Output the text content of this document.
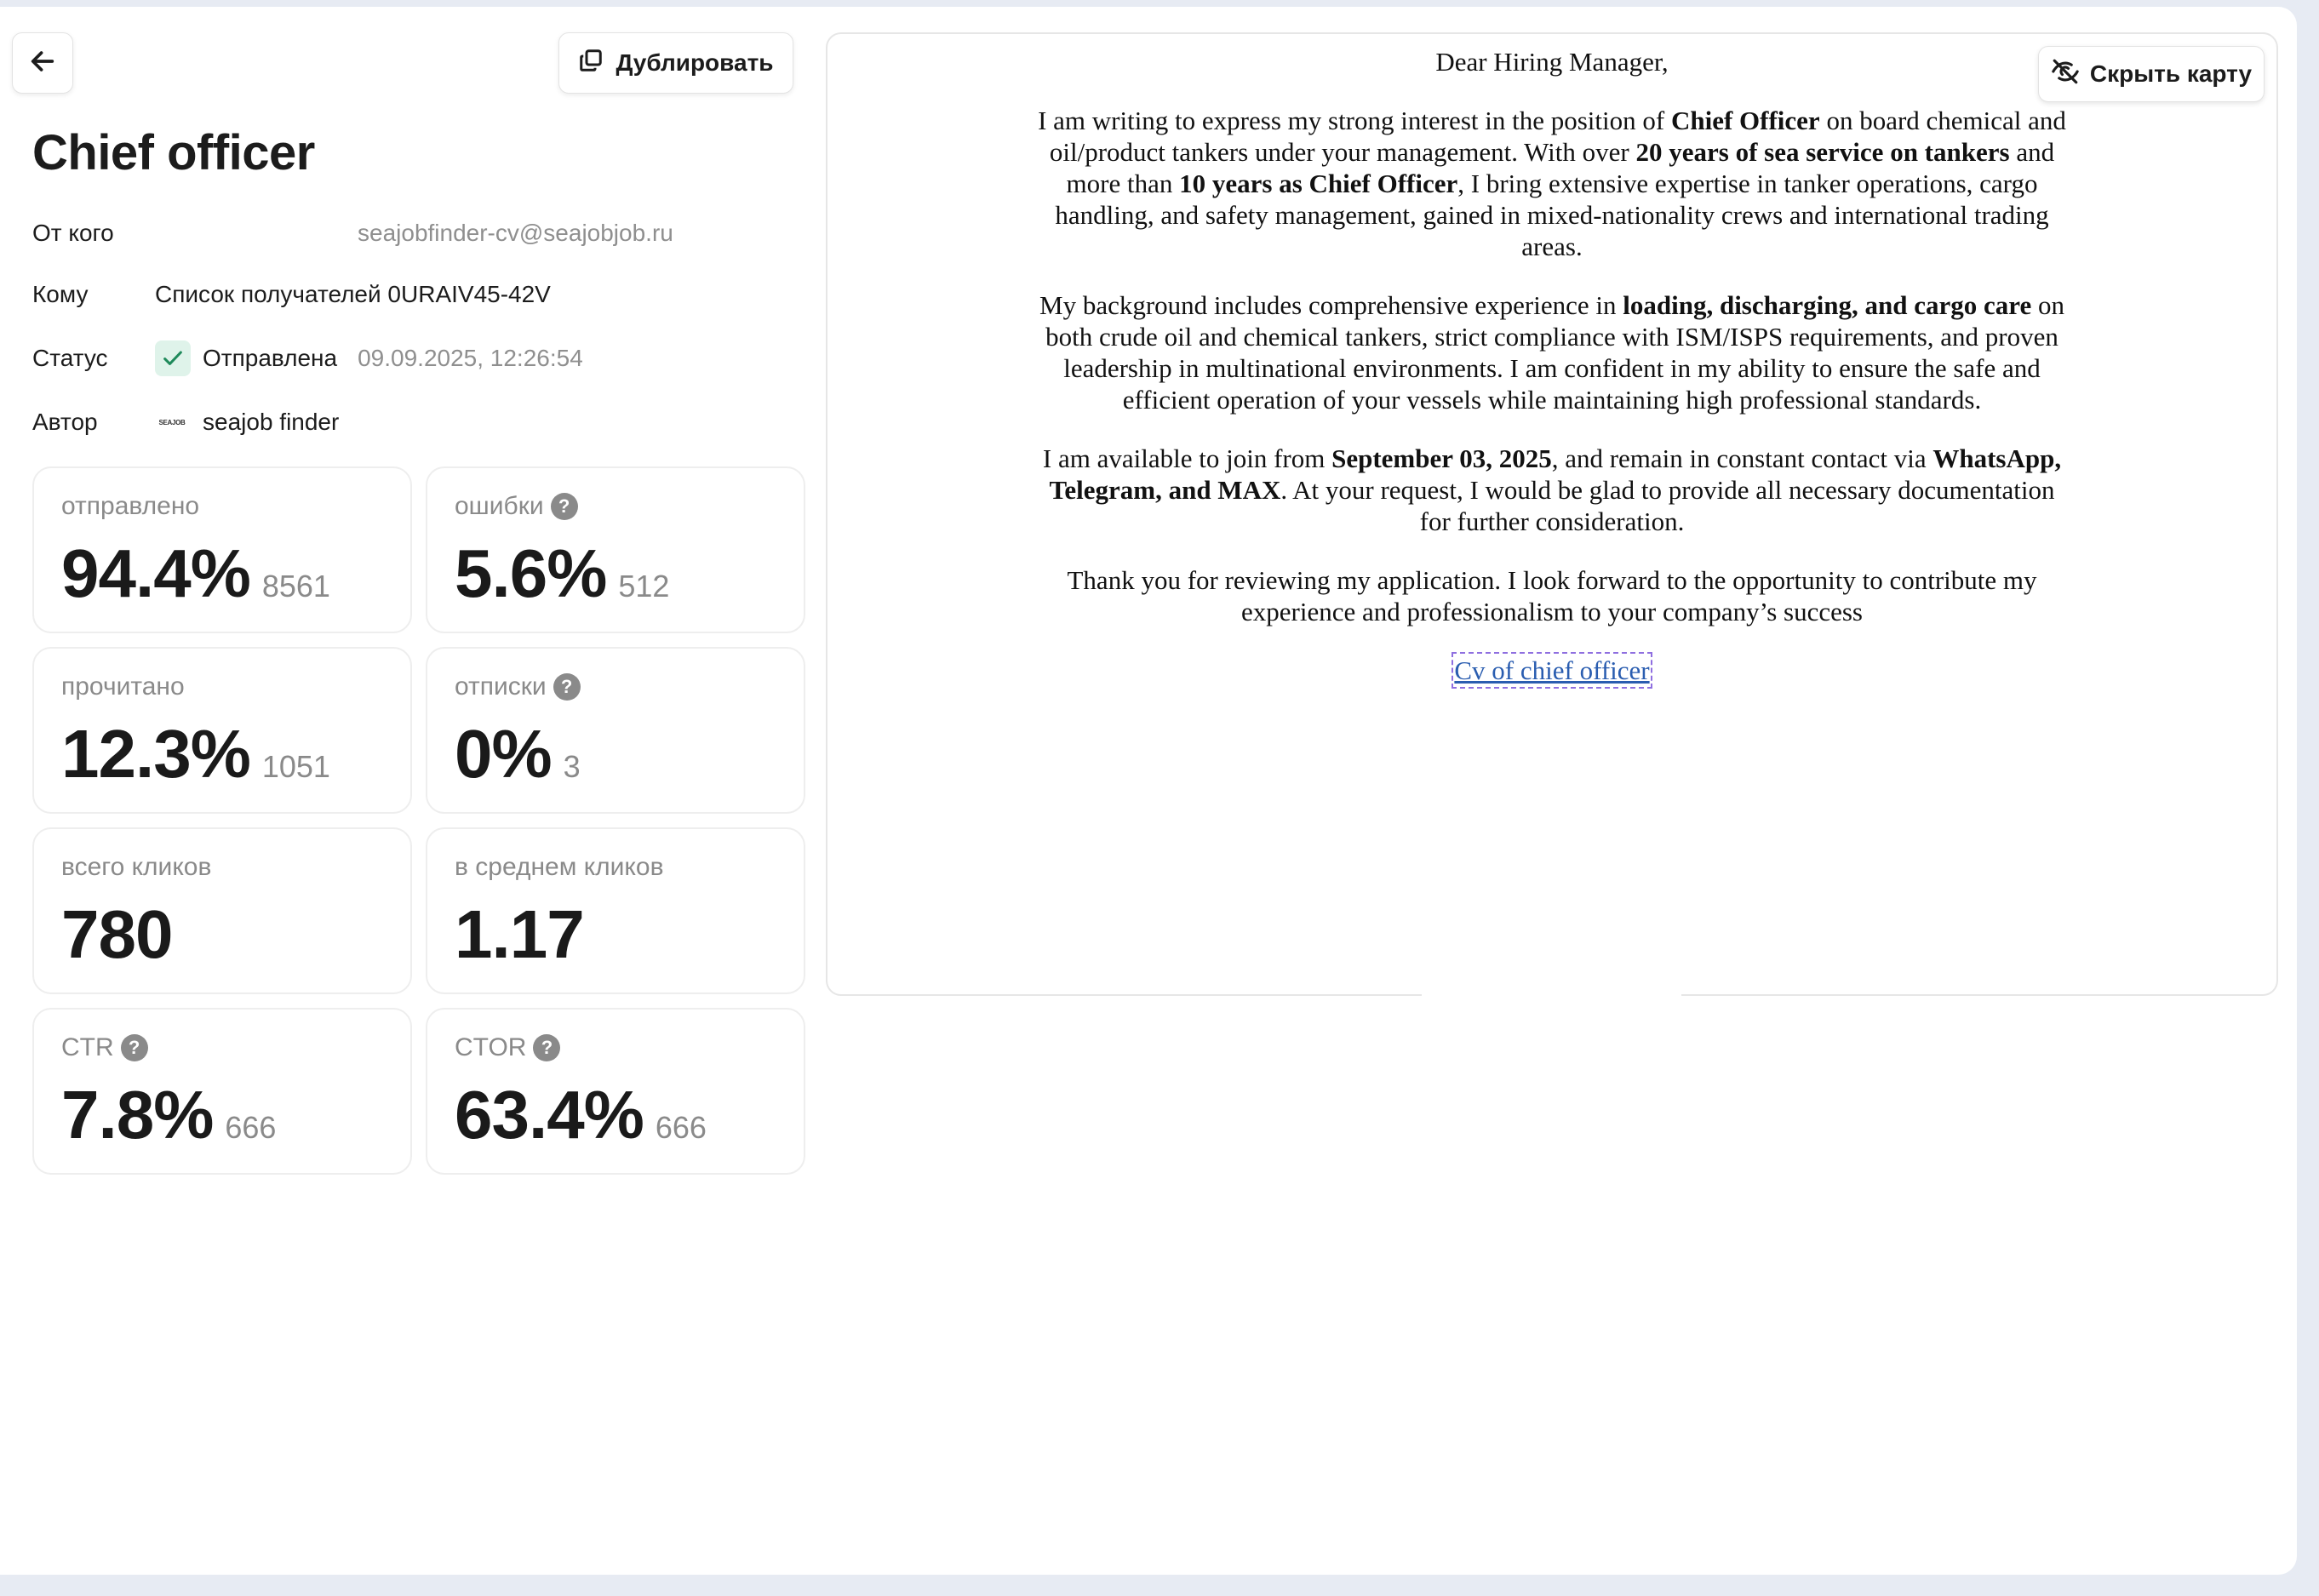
Дублировать
Chief officer
От кого	seajobfinder-cv@seajobjob.ru
Кому	Список получателей 0URAIV45-42V
Статус	Отправлена 09.09.2025, 12:26:54
Автор	SEAJOB seajob finder
отправлено
94.4% 8561
ошибки ?
5.6% 512
прочитано
12.3% 1051
отписки ?
0% 3
всего кликов
780
в среднем кликов
1.17
CTR ?
7.8% 666
CTOR ?
63.4% 666

Dear Hiring Manager,

I am writing to express my strong interest in the position of Chief Officer on board chemical and oil/product tankers under your management. With over 20 years of sea service on tankers and more than 10 years as Chief Officer, I bring extensive expertise in tanker operations, cargo handling, and safety management, gained in mixed-nationality crews and international trading areas.

My background includes comprehensive experience in loading, discharging, and cargo care on both crude oil and chemical tankers, strict compliance with ISM/ISPS requirements, and proven leadership in multinational environments. I am confident in my ability to ensure the safe and efficient operation of your vessels while maintaining high professional standards.

I am available to join from September 03, 2025, and remain in constant contact via WhatsApp, Telegram, and MAX. At your request, I would be glad to provide all necessary documentation for further consideration.

Thank you for reviewing my application. I look forward to the opportunity to contribute my experience and professionalism to your company’s success

Cv of chief officer

Скрыть карту
